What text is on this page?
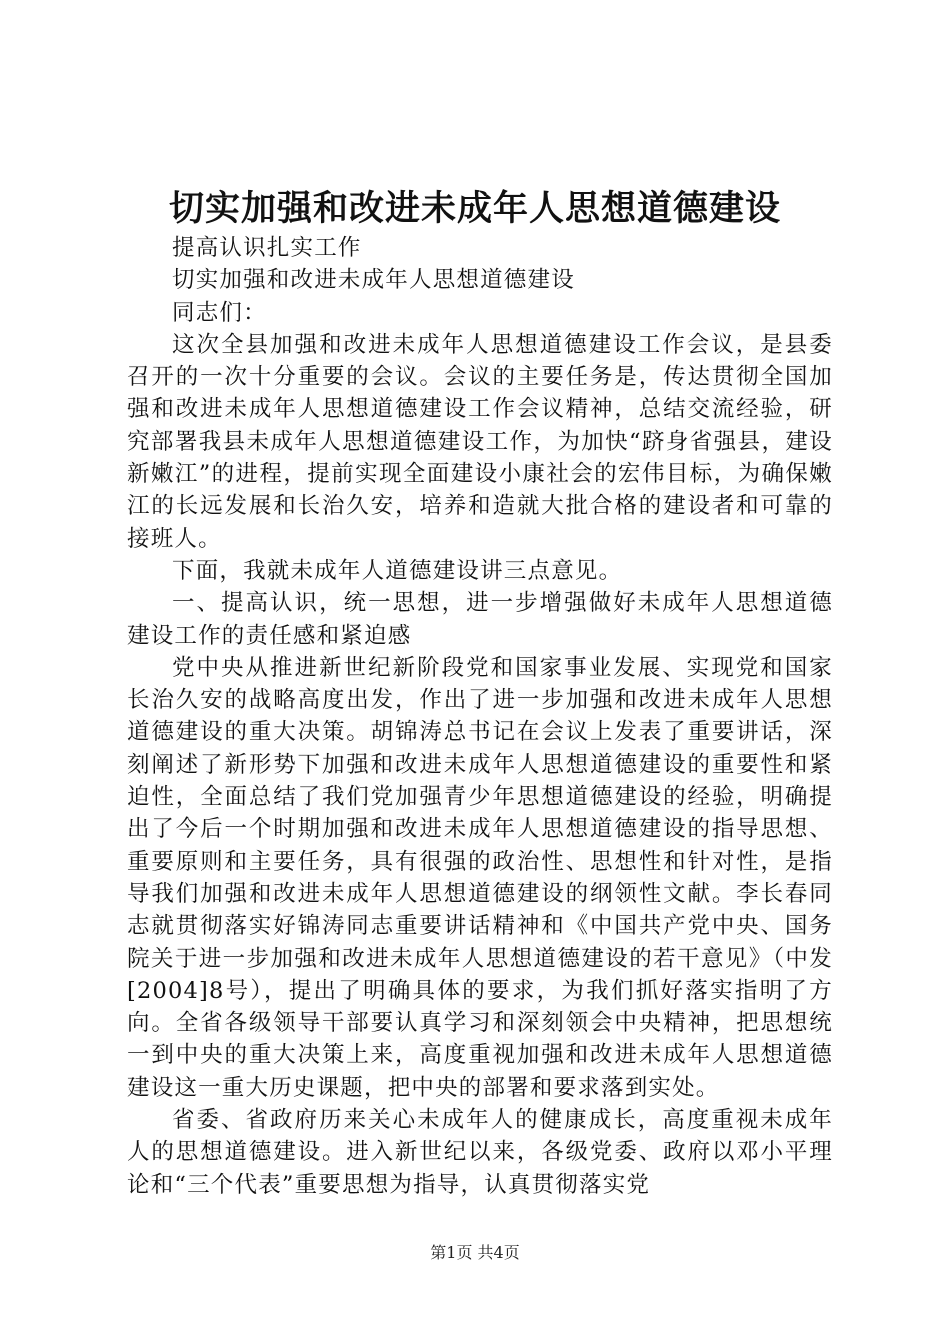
切实加强和改进未成年人思想道德建设

提高认识扎实工作

切实加强和改进未成年人思想道德建设

同志们：

这次全县加强和改进未成年人思想道德建设工作会议，是县委召开的一次十分重要的会议。会议的主要任务是，传达贯彻全国加强和改进未成年人思想道德建设工作会议精神，总结交流经验，研究部署我县未成年人思想道德建设工作，为加快“跻身省强县，建设新嫩江”的进程，提前实现全面建设小康社会的宏伟目标，为确保嫩江的长远发展和长治久安，培养和造就大批合格的建设者和可靠的接班人。

下面，我就未成年人道德建设讲三点意见。

一、提高认识，统一思想，进一步增强做好未成年人思想道德建设工作的责任感和紧迫感

党中央从推进新世纪新阶段党和国家事业发展、实现党和国家长治久安的战略高度出发，作出了进一步加强和改进未成年人思想道德建设的重大决策。胡锦涛总书记在会议上发表了重要讲话，深刻阐述了新形势下加强和改进未成年人思想道德建设的重要性和紧迫性，全面总结了我们党加强青少年思想道德建设的经验，明确提出了今后一个时期加强和改进未成年人思想道德建设的指导思想、重要原则和主要任务，具有很强的政治性、思想性和针对性，是指导我们加强和改进未成年人思想道德建设的纲领性文献。李长春同志就贯彻落实好锦涛同志重要讲话精神和《中国共产党中央、国务院关于进一步加强和改进未成年人思想道德建设的若干意见》（中发[2004]8号），提出了明确具体的要求，为我们抓好落实指明了方向。全省各级领导干部要认真学习和深刻领会中央精神，把思想统一到中央的重大决策上来，高度重视加强和改进未成年人思想道德建设这一重大历史课题，把中央的部署和要求落到实处。

省委、省政府历来关心未成年人的健康成长，高度重视未成年人的思想道德建设。进入新世纪以来，各级党委、政府以邓小平理论和“三个代表”重要思想为指导，认真贯彻落实党

第1页 共4页
